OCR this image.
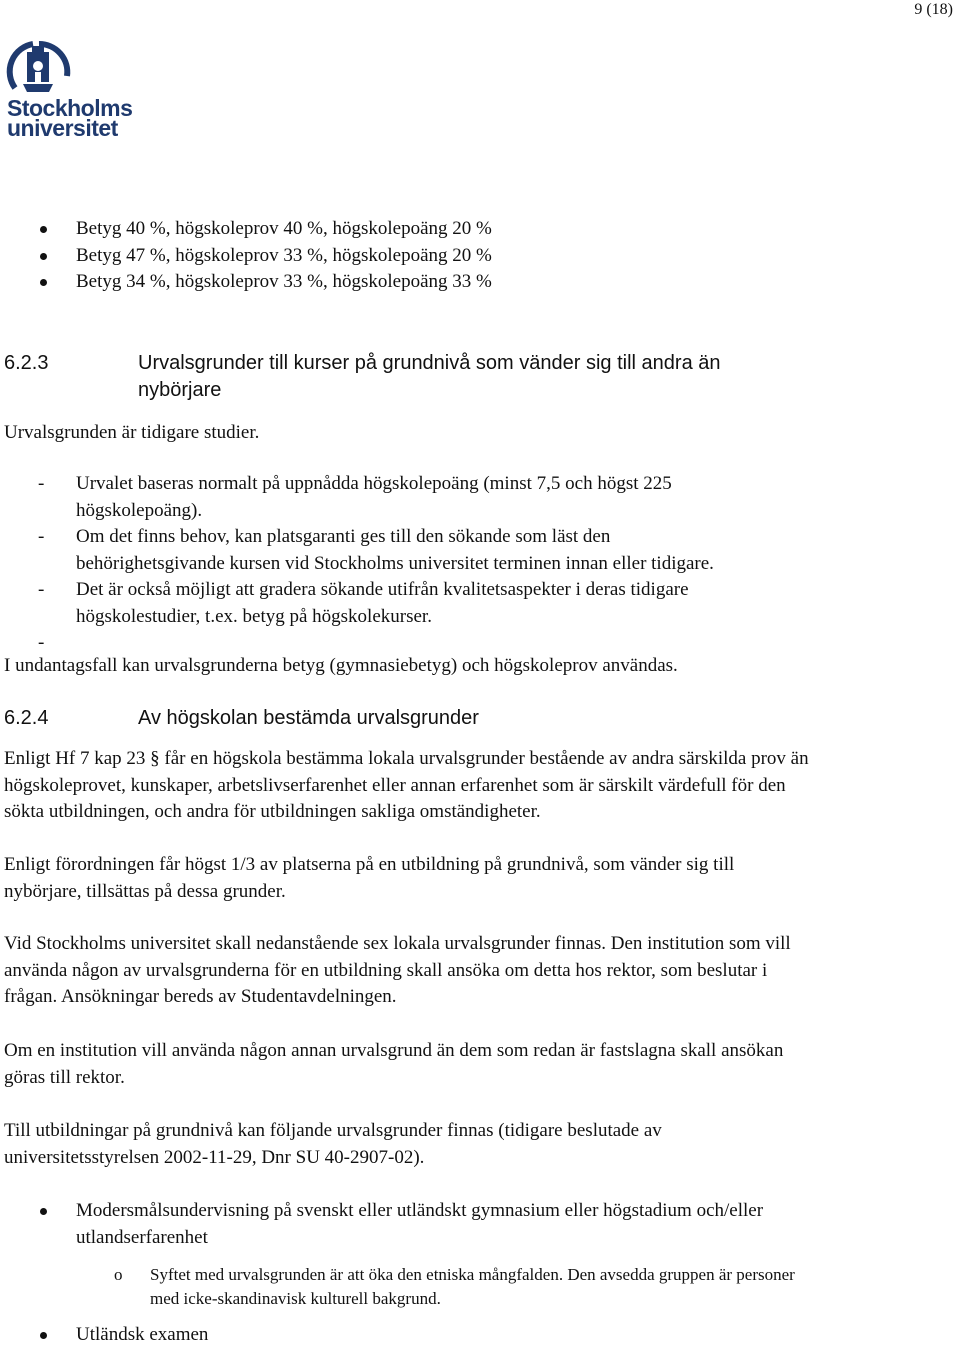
9 (18)
Stockholms
universitet
Betyg 40 %, högskoleprov 40 %, högskolepoäng 20 %
Betyg 47 %, högskoleprov 33 %, högskolepoäng 20 %
Betyg 34 %, högskoleprov 33 %, högskolepoäng 33 %
6.2.3	Urvalsgrunder till kurser på grundnivå som vänder sig till andra än
nybörjare
Urvalsgrunden är tidigare studier.
- Urvalet baseras normalt på uppnådda högskolepoäng (minst 7,5 och högst 225
högskolepoäng).
- Om det finns behov, kan platsgaranti ges till den sökande som läst den
behörighetsgivande kursen vid Stockholms universitet terminen innan eller tidigare.
- Det är också möjligt att gradera sökande utifrån kvalitetsaspekter i deras tidigare
högskolestudier, t.ex. betyg på högskolekurser.
-
I undantagsfall kan urvalsgrunderna betyg (gymnasiebetyg) och högskoleprov användas.
6.2.4	Av högskolan bestämda urvalsgrunder
Enligt Hf 7 kap 23 § får en högskola bestämma lokala urvalsgrunder bestående av andra särskilda prov än
högskoleprovet, kunskaper, arbetslivserfarenhet eller annan erfarenhet som är särskilt värdefull för den
sökta utbildningen, och andra för utbildningen sakliga omständigheter.
Enligt förordningen får högst 1/3 av platserna på en utbildning på grundnivå, som vänder sig till
nybörjare, tillsättas på dessa grunder.
Vid Stockholms universitet skall nedanstående sex lokala urvalsgrunder finnas. Den institution som vill
använda någon av urvalsgrunderna för en utbildning skall ansöka om detta hos rektor, som beslutar i
frågan. Ansökningar bereds av Studentavdelningen.
Om en institution vill använda någon annan urvalsgrund än dem som redan är fastslagna skall ansökan
göras till rektor.
Till utbildningar på grundnivå kan följande urvalsgrunder finnas (tidigare beslutade av
universitetsstyrelsen 2002-11-29, Dnr SU 40-2907-02).
Modersmålsundervisning på svenskt eller utländskt gymnasium eller högstadium och/eller
utlandserfarenhet
o Syftet med urvalsgrunden är att öka den etniska mångfalden. Den avsedda gruppen är personer
med icke-skandinavisk kulturell bakgrund.
Utländsk examen
